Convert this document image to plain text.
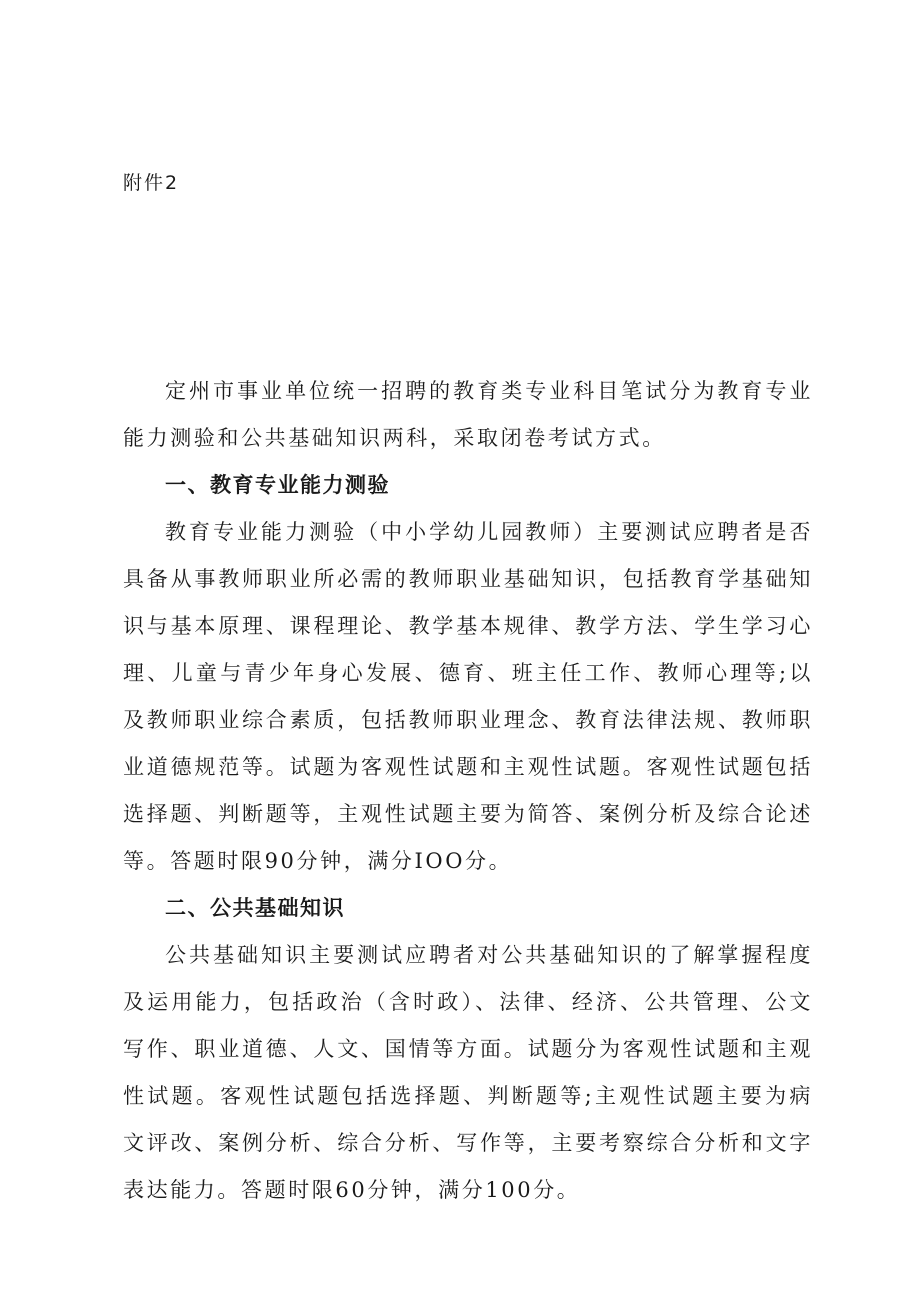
附件2

定州市事业单位统一招聘的教育类专业科目笔试分为教育专业能力测验和公共基础知识两科，采取闭卷考试方式。

一、教育专业能力测验

教育专业能力测验（中小学幼儿园教师）主要测试应聘者是否具备从事教师职业所必需的教师职业基础知识，包括教育学基础知识与基本原理、课程理论、教学基本规律、教学方法、学生学习心理、儿童与青少年身心发展、德育、班主任工作、教师心理等;以及教师职业综合素质，包括教师职业理念、教育法律法规、教师职业道德规范等。试题为客观性试题和主观性试题。客观性试题包括选择题、判断题等，主观性试题主要为简答、案例分析及综合论述等。答题时限90分钟，满分IOO分。

二、公共基础知识

公共基础知识主要测试应聘者对公共基础知识的了解掌握程度及运用能力，包括政治（含时政）、法律、经济、公共管理、公文写作、职业道德、人文、国情等方面。试题分为客观性试题和主观性试题。客观性试题包括选择题、判断题等;主观性试题主要为病文评改、案例分析、综合分析、写作等，主要考察综合分析和文字表达能力。答题时限60分钟，满分100分。
